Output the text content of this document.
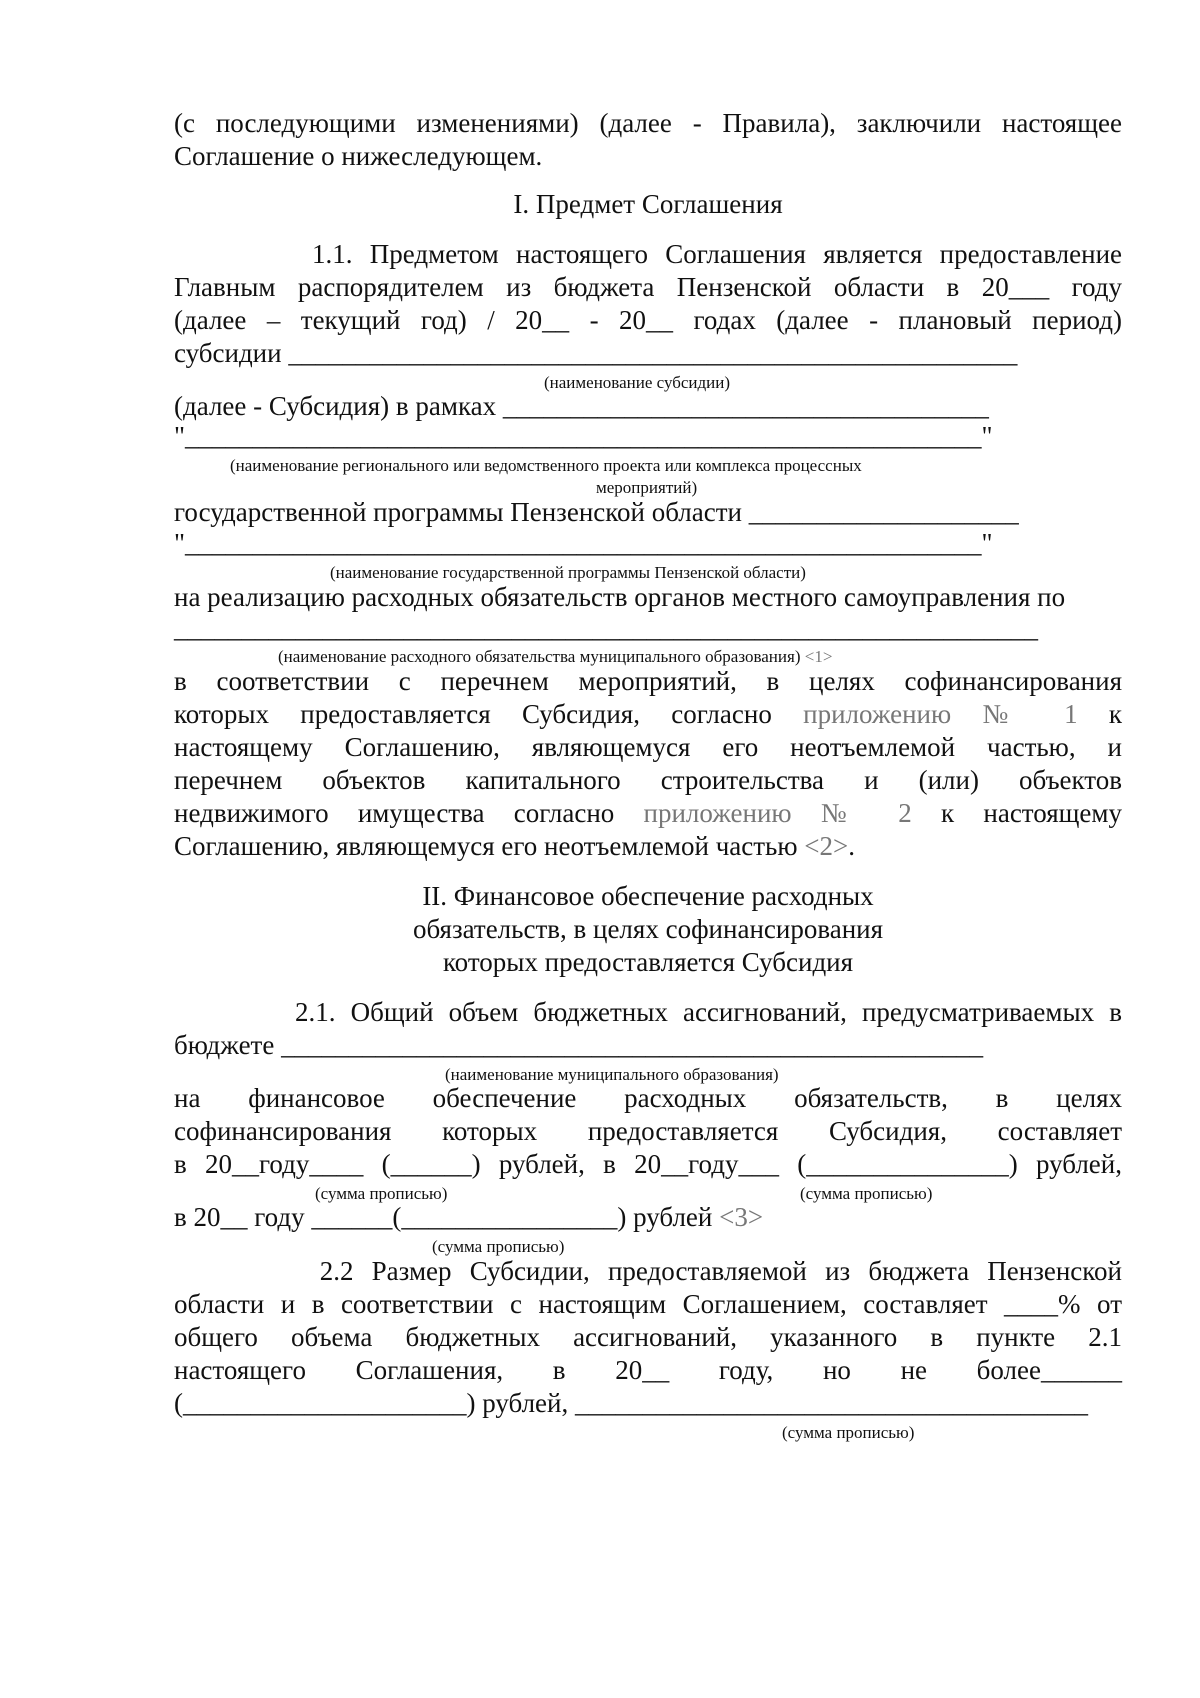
(с последующими изменениями) (далее - Правила), заключили настоящее
Соглашение о нижеследующем.
I. Предмет Соглашения
1.1. Предметом настоящего Соглашения является предоставление
Главным распорядителем из бюджета Пензенской области в 20___ году
(далее – текущий год) / 20__ - 20__ годах (далее - плановый период)
субсидии ______________________________________________________
(наименование субсидии)
(далее - Субсидия) в рамках ____________________________________
"___________________________________________________________"
(наименование регионального или ведомственного проекта или комплекса процессных
мероприятий)
государственной программы Пензенской области ____________________
"___________________________________________________________"
(наименование государственной программы Пензенской области)
на реализацию расходных обязательств органов местного самоуправления по
________________________________________________________________
(наименование расходного обязательства муниципального образования) <1>
в соответствии с перечнем мероприятий, в целях софинансирования
которых предоставляется Субсидия, согласно приложению № 1 к
настоящему Соглашению, являющемуся его неотъемлемой частью, и
перечнем объектов капитального строительства и (или) объектов
недвижимого имущества согласно приложению № 2 к настоящему
Соглашению, являющемуся его неотъемлемой частью <2>.
II. Финансовое обеспечение расходных
обязательств, в целях софинансирования
которых предоставляется Субсидия
2.1. Общий объем бюджетных ассигнований, предусматриваемых в
бюджете ____________________________________________________
(наименование муниципального образования)
на финансовое обеспечение расходных обязательств, в целях
софинансирования которых предоставляется Субсидия, составляет
в 20__году____ (______) рублей, в 20__году___ (_______________) рублей,
(сумма прописью)	(сумма прописью)
в 20__ году ______(________________) рублей <3>
(сумма прописью)
2.2 Размер Субсидии, предоставляемой из бюджета Пензенской
области и в соответствии с настоящим Соглашением, составляет ____% от
общего объема бюджетных ассигнований, указанного в пункте 2.1
настоящего Соглашения, в 20__ году, но не более______
(_____________________) рублей, ______________________________________
(сумма прописью)
